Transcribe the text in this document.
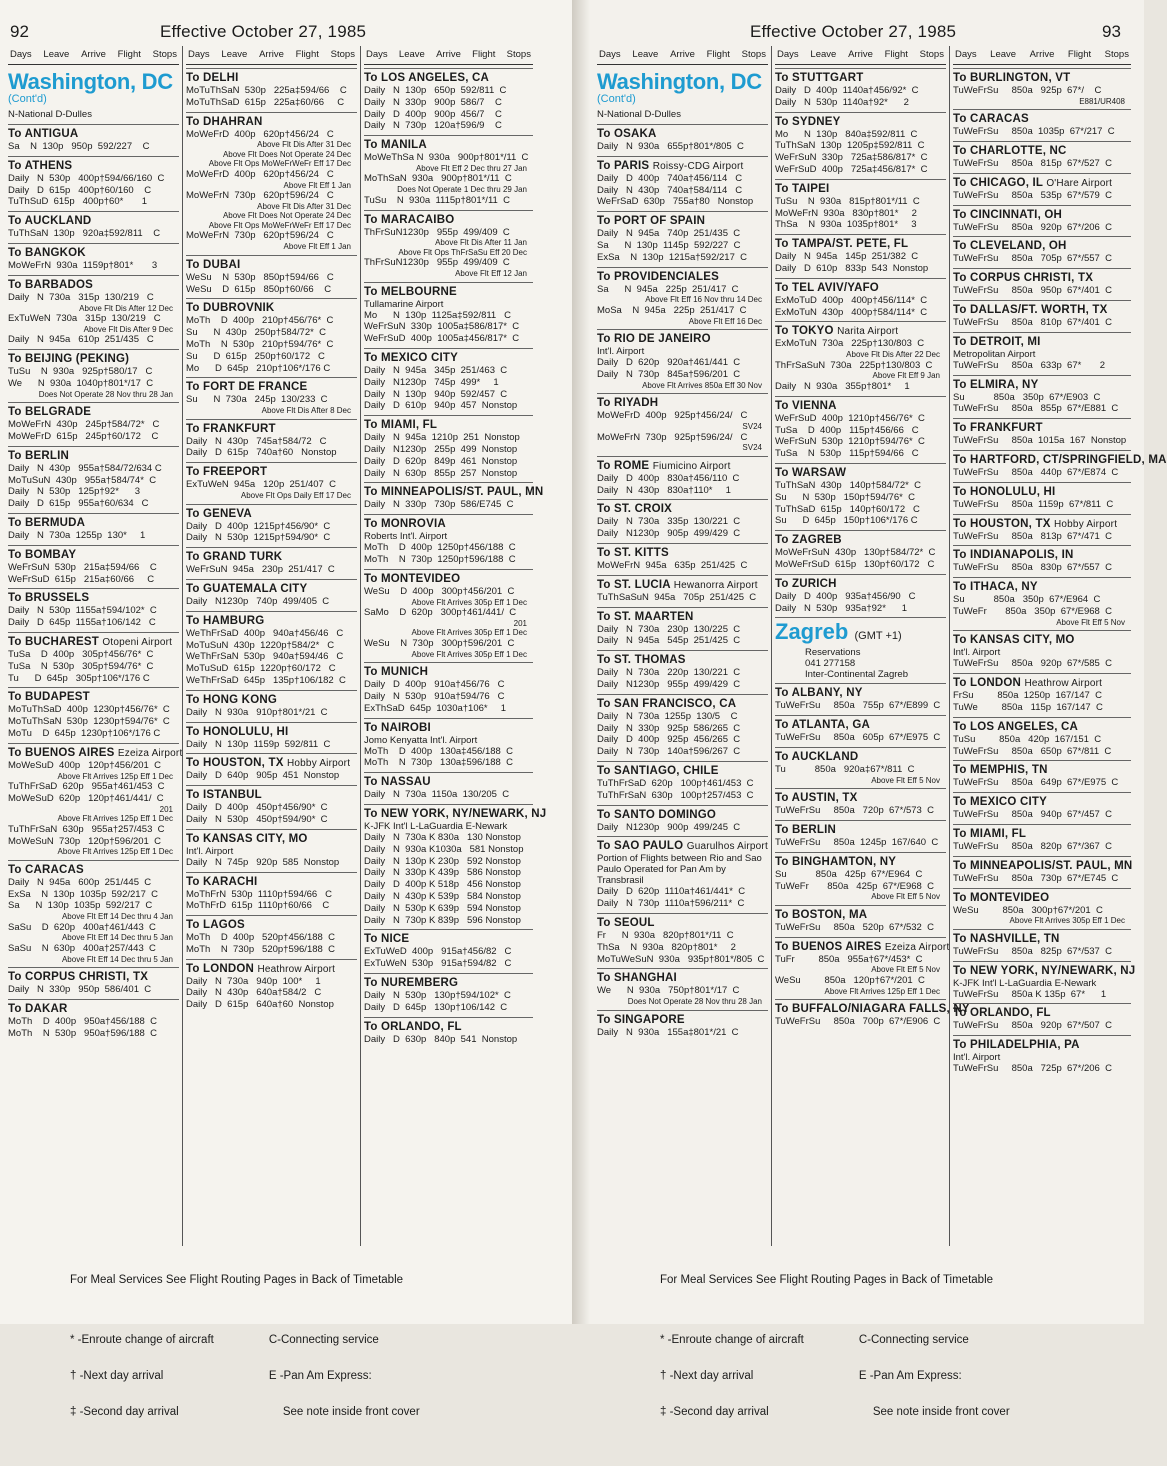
92	Effective October 27, 1985
Days Leave Arrive Flight Stops
Washington, DC
(Cont'd)
N-National D-Dulles
To ANTIGUA
Sa    N  130p   950p  592/227    C
To ATHENS
Daily   N  530p   400p†594/66/160  C
Daily   D  615p   400p†60/160    C
TuThSuD  615p   400p†60*       1
To AUCKLAND
TuThSaN  130p   920a‡592/811    C
To BANGKOK
MoWeFrN  930a  1159p†801*       3
To BARBADOS
Daily   N  730a   315p  130/219   C
Above Flt Dis After 12 Dec
ExTuWeN  730a   315p  130/219   C
Above Flt Dis After 9 Dec
Daily   N  945a   610p  251/435   C
To BEIJING (PEKING)
TuSu    N  930a   925p†580/17   C
We      N  930a  1040p†801*/17  C
Does Not Operate 28 Nov thru 28 Jan
To BELGRADE
MoWeFrN  430p   245p†584/72*   C
MoWeFrD  615p   245p†60/172    C
To BERLIN
Daily   N  430p   955a†584/72/634 C
MoTuSuN  430p   955a†584/74*  C
Daily   N  530p   125p†92*      3
Daily   D  615p   955a†60/634   C
To BERMUDA
Daily   N  730a  1255p  130*     1
To BOMBAY
WeFrSuN  530p   215a‡594/66    C
WeFrSuD  615p   215a‡60/66     C
To BRUSSELS
Daily   N  530p  1155a†594/102*  C
Daily   D  645p  1155a†106/142   C
To BUCHAREST Otopeni Airport
TuSa    D  400p   305p†456/76*  C
TuSa    N  530p   305p†594/76*  C
Tu      D  645p   305p†106*/176 C
To BUDAPEST
MoTuThSaD  400p  1230p†456/76*  C
MoTuThSaN  530p  1230p†594/76*  C
MoTu    D  645p  1230p†106*/176 C
To BUENOS AIRES Ezeiza Airport
MoWeSuD  400p   120p†456/201  C
Above Flt Arrives 125p Eff 1 Dec
TuThFrSaD  620p   955a†461/453  C
MoWeSuD  620p   120p†461/441/  C
201
Above Flt Arrives 125p Eff 1 Dec
TuThFrSaN  630p   955a†257/453  C
MoWeSuN  730p   120p†596/201  C
Above Flt Arrives 125p Eff 1 Dec
To CARACAS
Daily   N  945a   600p  251/445  C
ExSa    N  130p  1035p  592/217  C
Sa      N  130p  1035p  592/217  C
Above Flt Eff 14 Dec thru 4 Jan
SaSu    D  620p   400a†461/443  C
Above Flt Eff 14 Dec thru 5 Jan
SaSu    N  630p   400a†257/443  C
Above Flt Eff 14 Dec thru 5 Jan
To CORPUS CHRISTI, TX
Daily   N  330p   950p  586/401  C
To DAKAR
MoTh    D  400p   950a†456/188  C
MoTh    N  530p   950a†596/188  C
Days Leave Arrive Flight Stops
To DELHI
MoTuThSaN  530p   225a‡594/66    C
MoTuThSaD  615p   225a‡60/66     C
To DHAHRAN
MoWeFrD  400p   620p†456/24   C
Above Flt Dis After 31 Dec
Above Flt Does Not Operate 24 Dec
Above Flt Ops MoWeFrWeFr Eff 17 Dec
MoWeFrD  400p   620p†456/24   C
Above Flt Eff 1 Jan
MoWeFrN  730p   620p†596/24   C
Above Flt Dis After 31 Dec
Above Flt Does Not Operate 24 Dec
Above Flt Ops MoWeFrWeFr Eff 17 Dec
MoWeFrN  730p   620p†596/24   C
Above Flt Eff 1 Jan
To DUBAI
WeSu    N  530p   850p†594/66   C
WeSu    D  615p   850p†60/66    C
To DUBROVNIK
MoTh    D  400p   210p†456/76*  C
Su      N  430p   250p†584/72*  C
MoTh    N  530p   210p†594/76*  C
Su      D  615p   250p†60/172   C
Mo      D  645p   210p†106*/176 C
To FORT DE FRANCE
Su      N  730a   245p  130/233  C
Above Flt Dis After 8 Dec
To FRANKFURT
Daily   N  430p   745a†584/72   C
Daily   D  615p   740a†60   Nonstop
To FREEPORT
ExTuWeN  945a   120p  251/407  C
Above Flt Ops Daily Eff 17 Dec
To GENEVA
Daily   D  400p  1215p†456/90*  C
Daily   N  530p  1215p†594/90*  C
To GRAND TURK
WeFrSuN  945a   230p  251/417  C
To GUATEMALA CITY
Daily   N1230p   740p  499/405  C
To HAMBURG
WeThFrSaD  400p   940a†456/46   C
MoTuSuN  430p  1220p†584/2*   C
WeThFrSaN  530p   940a†594/46   C
MoTuSuD  615p  1220p†60/172   C
WeThFrSaD  645p   135p†106/182  C
To HONG KONG
Daily   N  930a   910p†801*/21  C
To HONOLULU, HI
Daily   N  130p  1159p  592/811  C
To HOUSTON, TX Hobby Airport
Daily   D  640p   905p  451  Nonstop
To ISTANBUL
Daily   D  400p   450p†456/90*  C
Daily   N  530p   450p†594/90*  C
To KANSAS CITY, MO
Int'l. Airport
Daily   N  745p   920p  585  Nonstop
To KARACHI
MoThFrN  530p  1110p†594/66   C
MoThFrD  615p  1110p†60/66    C
To LAGOS
MoTh    D  400p   520p†456/188  C
MoTh    N  730p   520p†596/188  C
To LONDON Heathrow Airport
Daily   N  730a   940p  100*     1
Daily   N  430p   640a†584/2   C
Daily   D  615p   640a†60  Nonstop
Days Leave Arrive Flight Stops
To LOS ANGELES, CA
Daily   N  130p   650p  592/811  C
Daily   N  330p   900p  586/7    C
Daily   D  400p   900p  456/7    C
Daily   N  730p   120a†596/9    C
To MANILA
MoWeThSa N  930a   900p†801*/11  C
Above Flt Eff 2 Dec thru 27 Jan
MoThSaN  930a   900p†801*/11  C
Does Not Operate 1 Dec thru 29 Jan
TuSu    N  930a  1115p†801*/11  C
To MARACAIBO
ThFrSuN1230p   955p  499/409  C
Above Flt Dis After 11 Jan
Above Flt Ops ThFrSaSu Eff 20 Dec
ThFrSuN1230p   955p  499/409  C
Above Flt Eff 12 Jan
To MELBOURNE
Tullamarine Airport
Mo      N  130p  1125a‡592/811   C
WeFrSuN  330p  1005a‡586/817*  C
WeFrSuD  400p  1005a‡456/817*  C
To MEXICO CITY
Daily   N  945a   345p  251/463  C
Daily   N1230p   745p  499*     1
Daily   N  130p   940p  592/457  C
Daily   D  610p   940p  457  Nonstop
To MIAMI, FL
Daily   N  945a  1210p  251  Nonstop
Daily   N1230p   255p  499  Nonstop
Daily   D  620p   849p  461  Nonstop
Daily   N  630p   855p  257  Nonstop
To MINNEAPOLIS/ST. PAUL, MN
Daily   N  330p   730p  586/E745  C
To MONROVIA
Roberts Int'l. Airport
MoTh    D  400p  1250p†456/188  C
MoTh    N  730p  1250p†596/188  C
To MONTEVIDEO
WeSu    D  400p   300p†456/201  C
Above Flt Arrives 305p Eff 1 Dec
SaMo    D  620p   300p†461/441/  C
201
Above Flt Arrives 305p Eff 1 Dec
WeSu    N  730p   300p†596/201  C
Above Flt Arrives 305p Eff 1 Dec
To MUNICH
Daily   D  400p   910a†456/76   C
Daily   N  530p   910a†594/76   C
ExThSaD  645p  1030a†106*     1
To NAIROBI
Jomo Kenyatta Int'l. Airport
MoTh    D  400p   130a‡456/188  C
MoTh    N  730p   130a‡596/188  C
To NASSAU
Daily   N  730a  1150a  130/205  C
To NEW YORK, NY/NEWARK, NJ
K-JFK Int'l L-LaGuardia E-Newark
Daily   N  730a K 830a   130 Nonstop
Daily   N  930a K1030a   581 Nonstop
Daily   N  130p K 230p   592 Nonstop
Daily   N  330p K 439p   586 Nonstop
Daily   D  400p K 518p   456 Nonstop
Daily   N  430p K 539p   584 Nonstop
Daily   N  530p K 639p   594 Nonstop
Daily   N  730p K 839p   596 Nonstop
To NICE
ExTuWeD  400p   915a†456/82   C
ExTuWeN  530p   915a†594/82   C
To NUREMBERG
Daily   N  530p   130p†594/102*  C
Daily   D  645p   130p†106/142  C
To ORLANDO, FL
Daily   D  630p   840p  541  Nonstop

For Meal Services See Flight Routing Pages in Back of Timetable

* -Enroute change of aircraft

† -Next day arrival

‡ -Second day arrival

C-Connecting service

E -Pan Am Express:

See note inside front cover

Effective October 27, 1985	93
Days Leave Arrive Flight Stops
Washington, DC
(Cont'd)
N-National D-Dulles
To OSAKA
Daily   N  930a   655p†801*/805  C
To PARIS Roissy-CDG Airport
Daily   D  400p   740a†456/114   C
Daily   N  430p   740a†584/114   C
WeFrSaD  630p   755a†80   Nonstop
To PORT OF SPAIN
Daily   N  945a   740p  251/435  C
Sa      N  130p  1145p  592/227  C
ExSa    N  130p  1215a†592/217  C
To PROVIDENCIALES
Sa      N  945a   225p  251/417  C
Above Flt Eff 16 Nov thru 14 Dec
MoSa    N  945a   225p  251/417  C
Above Flt Eff 16 Dec
To RIO DE JANEIRO
Int'l. Airport
Daily   D  620p   920a†461/441  C
Daily   N  730p   845a†596/201  C
Above Flt Arrives 850a Eff 30 Nov
To RIYADH
MoWeFrD  400p   925p†456/24/   C
SV24
MoWeFrN  730p   925p†596/24/   C
SV24
To ROME Fiumicino Airport
Daily   D  400p   830a†456/110  C
Daily   N  430p   830a†110*     1
To ST. CROIX
Daily   N  730a   335p  130/221  C
Daily   N1230p   905p  499/429  C
To ST. KITTS
MoWeFrN  945a   635p  251/425  C
To ST. LUCIA Hewanorra Airport
TuThSaSuN  945a   705p  251/425  C
To ST. MAARTEN
Daily   N  730a   230p  130/225  C
Daily   N  945a   545p  251/425  C
To ST. THOMAS
Daily   N  730a   220p  130/221  C
Daily   N1230p   955p  499/429  C
To SAN FRANCISCO, CA
Daily   N  730a  1255p  130/5    C
Daily   N  330p   925p  586/265  C
Daily   D  400p   925p  456/265  C
Daily   N  730p   140a†596/267  C
To SANTIAGO, CHILE
TuThFrSaD  620p   100p†461/453  C
TuThFrSaN  630p   100p†257/453  C
To SANTO DOMINGO
Daily   N1230p   900p  499/245  C
To SAO PAULO Guarulhos Airport
Portion of Flights between Rio and Sao Paulo Operated for Pan Am by Transbrasil
Daily   D  620p  1110a†461/441*  C
Daily   N  730p  1110a†596/211*  C
To SEOUL
Fr      N  930a   820p†801*/11  C
ThSa    N  930a   820p†801*     2
MoTuWeSuN  930a   935p†801*/805  C
To SHANGHAI
We      N  930a   750p†801*/17  C
Does Not Operate 28 Nov thru 28 Jan
To SINGAPORE
Daily   N  930a   155a‡801*/21  C
Days Leave Arrive Flight Stops
To STUTTGART
Daily   D  400p  1140a†456/92*  C
Daily   N  530p  1140a†92*      2
To SYDNEY
Mo      N  130p   840a‡592/811  C
TuThSaN  130p  1205p‡592/811  C
WeFrSuN  330p   725a‡586/817*  C
WeFrSuD  400p   725a‡456/817*  C
To TAIPEI
TuSu    N  930a   815p†801*/11  C
MoWeFrN  930a   830p†801*     2
ThSa    N  930a  1035p†801*     3
To TAMPA/ST. PETE, FL
Daily   N  945a   145p  251/382  C
Daily   D  610p   833p  543  Nonstop
To TEL AVIV/YAFO
ExMoTuD  400p   400p†456/114*  C
ExMoTuN  430p   400p†584/114*  C
To TOKYO Narita Airport
ExMoTuN  730a   225p†130/803  C
Above Flt Dis After 22 Dec
ThFrSaSuN  730a   225p†130/803  C
Above Flt Eff 9 Jan
Daily   N  930a   355p†801*     1
To VIENNA
WeFrSuD  400p  1210p†456/76*  C
TuSa    D  400p   115p†456/66   C
WeFrSuN  530p  1210p†594/76*  C
TuSa    N  530p   115p†594/66   C
To WARSAW
TuThSaN  430p   140p†584/72*  C
Su      N  530p   150p†594/76*  C
TuThSaD  615p   140p†60/172   C
Su      D  645p   150p†106*/176 C
To ZAGREB
MoWeFrSuN  430p   130p†584/72*  C
MoWeFrSuD  615p   130p†60/172   C
To ZURICH
Daily   D  400p   935a†456/90   C
Daily   N  530p   935a†92*      1
Zagreb (GMT +1)
Reservations
041 277158
Inter-Continental Zagreb
To ALBANY, NY
TuWeFrSu     850a   755p  67*/E899  C
To ATLANTA, GA
TuWeFrSu     850a   605p  67*/E975  C
To AUCKLAND
Tu           850a   920a‡67*/811  C
Above Flt Eff 5 Nov
To AUSTIN, TX
TuWeFrSu     850a   720p  67*/573  C
To BERLIN
TuWeFrSu     850a  1245p  167/640  C
To BINGHAMTON, NY
Su           850a   425p  67*/E964  C
TuWeFr       850a   425p  67*/E968  C
Above Flt Eff 5 Nov
To BOSTON, MA
TuWeFrSu     850a   520p  67*/532  C
To BUENOS AIRES Ezeiza Airport
TuFr         850a   955a†67*/453*  C
Above Flt Eff 5 Nov
WeSu         850a   120p†67*/201  C
Above Flt Arrives 125p Eff 1 Dec
To BUFFALO/NIAGARA FALLS, NY
TuWeFrSu     850a   700p  67*/E906  C
Days Leave Arrive Flight Stops
To BURLINGTON, VT
TuWeFrSu     850a   925p  67*/    C
E881/UR408
To CARACAS
TuWeFrSu     850a  1035p  67*/217  C
To CHARLOTTE, NC
TuWeFrSu     850a   815p  67*/527  C
To CHICAGO, IL O'Hare Airport
TuWeFrSu     850a   535p  67*/579  C
To CINCINNATI, OH
TuWeFrSu     850a   920p  67*/206  C
To CLEVELAND, OH
TuWeFrSu     850a   705p  67*/557  C
To CORPUS CHRISTI, TX
TuWeFrSu     850a   950p  67*/401  C
To DALLAS/FT. WORTH, TX
TuWeFrSu     850a   810p  67*/401  C
To DETROIT, MI
Metropolitan Airport
TuWeFrSu     850a   633p  67*       2
To ELMIRA, NY
Su           850a   350p  67*/E903  C
TuWeFrSu     850a   855p  67*/E881  C
To FRANKFURT
TuWeFrSu     850a  1015a  167  Nonstop
To HARTFORD, CT/SPRINGFIELD, MA
TuWeFrSu     850a   440p  67*/E874  C
To HONOLULU, HI
TuWeFrSu     850a  1159p  67*/811  C
To HOUSTON, TX Hobby Airport
TuWeFrSu     850a   813p  67*/471  C
To INDIANAPOLIS, IN
TuWeFrSu     850a   830p  67*/557  C
To ITHACA, NY
Su           850a   350p  67*/E964  C
TuWeFr       850a   350p  67*/E968  C
Above Flt Eff 5 Nov
To KANSAS CITY, MO
Int'l. Airport
TuWeFrSu     850a   920p  67*/585  C
To LONDON Heathrow Airport
FrSu         850a  1250p  167/147  C
TuWe         850a   115p  167/147  C
To LOS ANGELES, CA
TuSu         850a   420p  167/151  C
TuWeFrSu     850a   650p  67*/811  C
To MEMPHIS, TN
TuWeFrSu     850a   649p  67*/E975  C
To MEXICO CITY
TuWeFrSu     850a   940p  67*/457  C
To MIAMI, FL
TuWeFrSu     850a   820p  67*/367  C
To MINNEAPOLIS/ST. PAUL, MN
TuWeFrSu     850a   730p  67*/E745  C
To MONTEVIDEO
WeSu         850a   300p†67*/201  C
Above Flt Arrives 305p Eff 1 Dec
To NASHVILLE, TN
TuWeFrSu     850a   825p  67*/537  C
To NEW YORK, NY/NEWARK, NJ
K-JFK Int'l L-LaGuardia E-Newark
TuWeFrSu     850a K 135p  67*      1
To ORLANDO, FL
TuWeFrSu     850a   920p  67*/507  C
To PHILADELPHIA, PA
Int'l. Airport
TuWeFrSu     850a   725p  67*/206  C

For Meal Services See Flight Routing Pages in Back of Timetable

* -Enroute change of aircraft

† -Next day arrival

‡ -Second day arrival

C-Connecting service

E -Pan Am Express:

See note inside front cover
